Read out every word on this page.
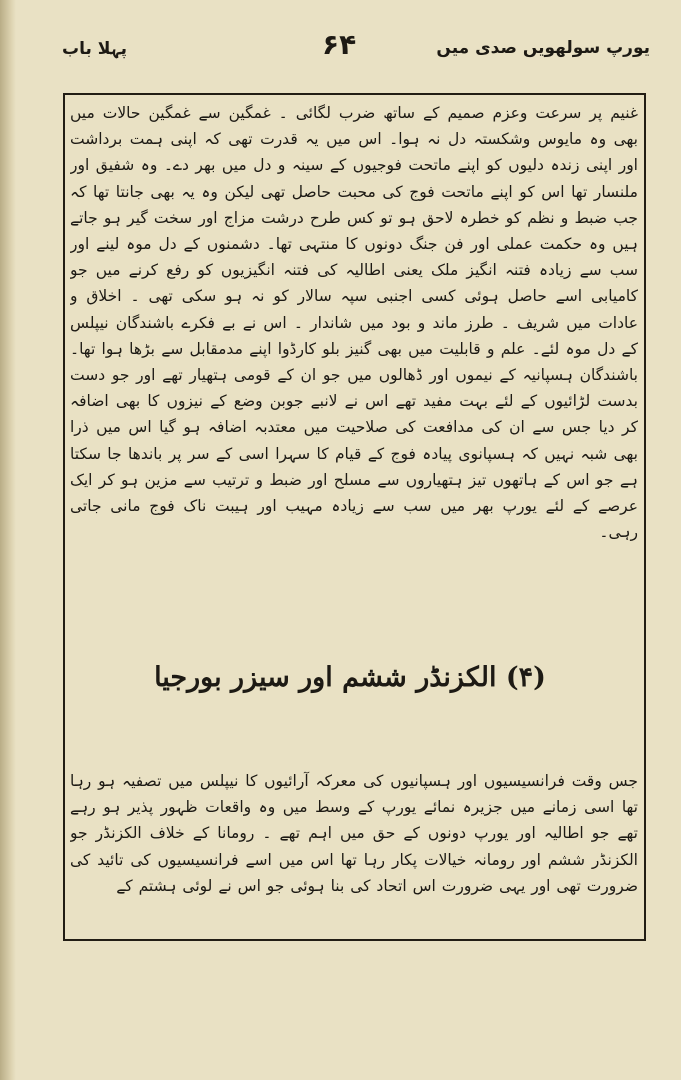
یورپ سولھویں صدی میں
۶۴
پہلا باب
غنیم پر سرعت وعزم صمیم کے ساتھ ضرب لگائی ۔ غمگین سے غمگین حالات میں بھی وہ مایوس وشکستہ دل نہ ہوا۔ اس میں یہ قدرت تھی کہ اپنی ہمت برداشت اور اپنی زندہ دلیوں کو اپنے ماتحت فوجیوں کے سینہ و دل میں بھر دے۔ وہ شفیق اور ملنسار تھا اس کو اپنے ماتحت فوج کی محبت حاصل تھی لیکن وہ یہ بھی جانتا تھا کہ جب ضبط و نظم کو خطرہ لاحق ہو تو کس طرح درشت مزاج اور سخت گیر ہو جاتے ہیں وہ حکمت عملی اور فن جنگ دونوں کا منتہی تھا۔ دشمنوں کے دل موہ لینے اور سب سے زیادہ فتنہ انگیز ملک یعنی اطالیہ کی فتنہ انگیزیوں کو رفع کرنے میں جو کامیابی اسے حاصل ہوئی کسی اجنبی سپہ سالار کو نہ ہو سکی تھی ۔ اخلاق و عادات میں شریف ۔ طرز ماند و بود میں شاندار ۔ اس نے بے فکرے باشندگان نیپلس کے دل موہ لئے۔ علم و قابلیت میں بھی گنیز بلو کارڈوا اپنے مدمقابل سے بڑھا ہوا تھا۔ باشندگان ہسپانیہ کے نیموں اور ڈھالوں میں جو ان کے قومی ہتھیار تھے اور جو دست بدست لڑائیوں کے لئے بہت مفید تھے اس نے لانبے جوبن وضع کے نیزوں کا بھی اضافہ کر دیا جس سے ان کی مدافعت کی صلاحیت میں معتدبہ اضافہ ہو گیا اس میں ذرا بھی شبہ نہیں کہ ہسپانوی پیادہ فوج کے قیام کا سہرا اسی کے سر پر باندھا جا سکتا ہے جو اس کے ہاتھوں تیز ہتھیاروں سے مسلح اور ضبط و ترتیب سے مزین ہو کر ایک عرصے کے لئے یورپ بھر میں سب سے زیادہ مہیب اور ہیبت ناک فوج مانی جاتی رہی۔
(۴) الکزنڈر ششم اور سیزر بورجیا
جس وقت فرانسیسیوں اور ہسپانیوں کی معرکہ آرائیوں کا نیپلس میں تصفیہ ہو رہا تھا اسی زمانے میں جزیرہ نمائے یورپ کے وسط میں وہ واقعات ظہور پذیر ہو رہے تھے جو اطالیہ اور یورپ دونوں کے حق میں اہم تھے ۔ رومانا کے خلاف الکزنڈر جو الکزنڈر ششم اور رومانہ خیالات پکار رہا تھا اس میں اسے فرانسیسیوں کی تائید کی ضرورت تھی اور یہی ضرورت اس اتحاد کی بنا ہوئی جو اس نے لوئی ہشتم کے
